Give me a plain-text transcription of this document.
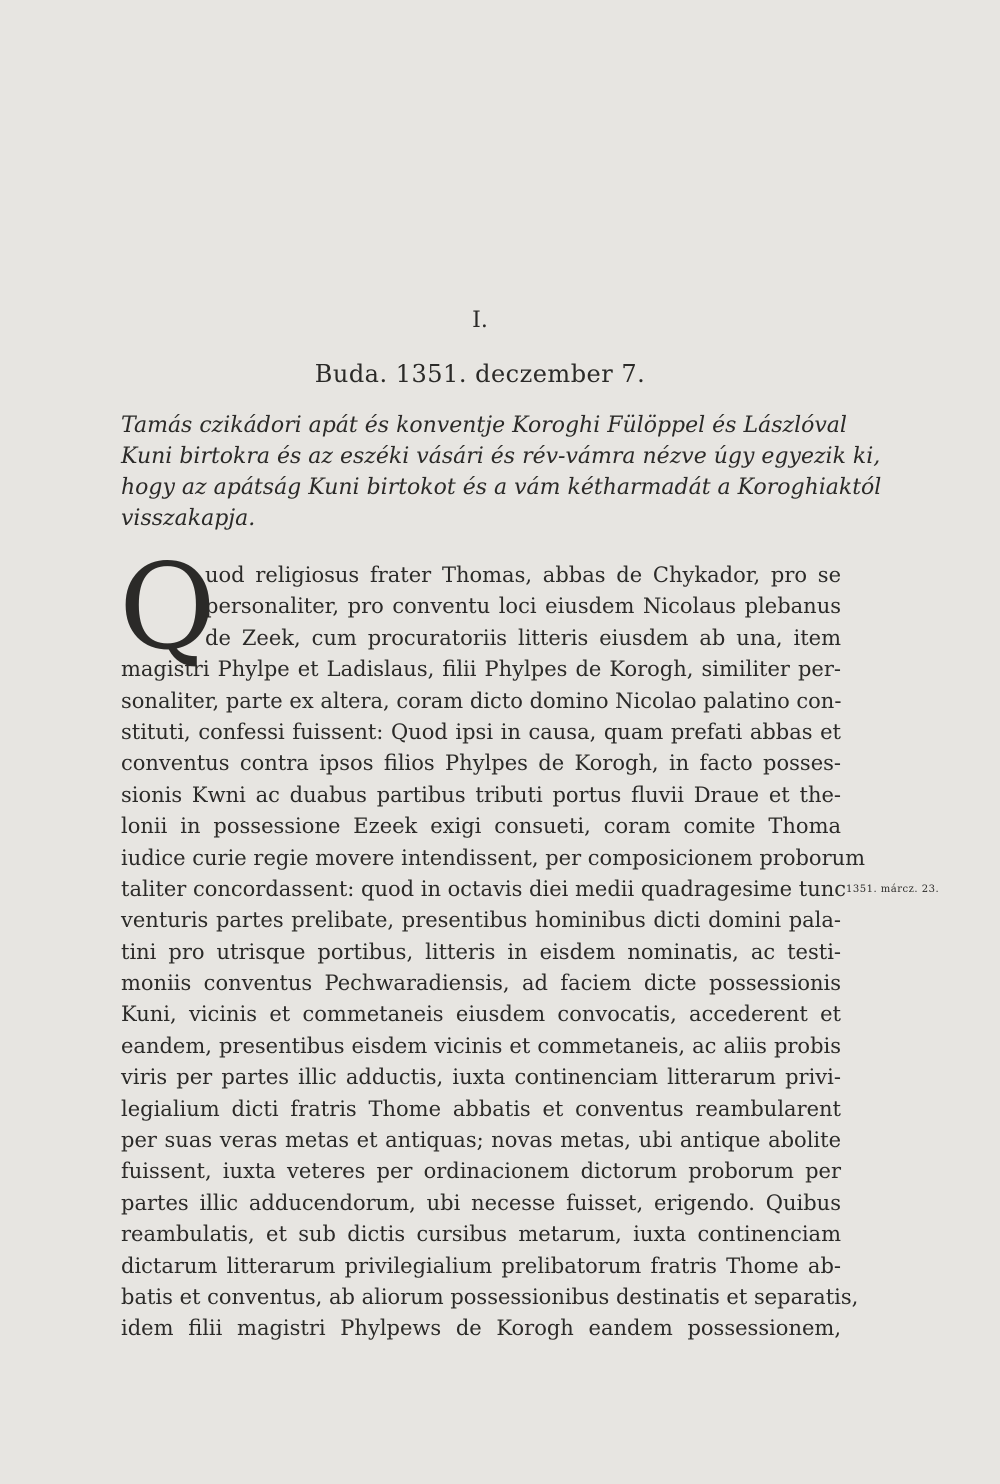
I.
Buda. 1351. deczember 7.
Tamás czikádori apát és konventje Koroghi Fülöppel és Lászlóval
Kuni birtokra és az eszéki vásári és rév-vámra nézve úgy egyezik ki,
hogy az apátság Kuni birtokot és a vám kétharmadát a Koroghiaktól
visszakapja.
Q
uod religiosus frater Thomas, abbas de Chykador, pro se
personaliter, pro conventu loci eiusdem Nicolaus plebanus
de Zeek, cum procuratoriis litteris eiusdem ab una, item
magistri Phylpe et Ladislaus, filii Phylpes de Korogh, similiter per-
sonaliter, parte ex altera, coram dicto domino Nicolao palatino con-
stituti, confessi fuissent: Quod ipsi in causa, quam prefati abbas et
conventus contra ipsos filios Phylpes de Korogh, in facto posses-
sionis Kwni ac duabus partibus tributi portus fluvii Draue et the-
lonii in possessione Ezeek exigi consueti, coram comite Thoma
iudice curie regie movere intendissent, per composicionem proborum
taliter concordassent: quod in octavis diei medii quadragesime tunc
venturis partes prelibate, presentibus hominibus dicti domini pala-
tini pro utrisque portibus, litteris in eisdem nominatis, ac testi-
moniis conventus Pechwaradiensis, ad faciem dicte possessionis
Kuni, vicinis et commetaneis eiusdem convocatis, accederent et
eandem, presentibus eisdem vicinis et commetaneis, ac aliis probis
viris per partes illic adductis, iuxta continenciam litterarum privi-
legialium dicti fratris Thome abbatis et conventus reambularent
per suas veras metas et antiquas; novas metas, ubi antique abolite
fuissent, iuxta veteres per ordinacionem dictorum proborum per
partes illic adducendorum, ubi necesse fuisset, erigendo. Quibus
reambulatis, et sub dictis cursibus metarum, iuxta continenciam
dictarum litterarum privilegialium prelibatorum fratris Thome ab-
batis et conventus, ab aliorum possessionibus destinatis et separatis,
idem filii magistri Phylpews de Korogh eandem possessionem,
1351. márcz. 23.
